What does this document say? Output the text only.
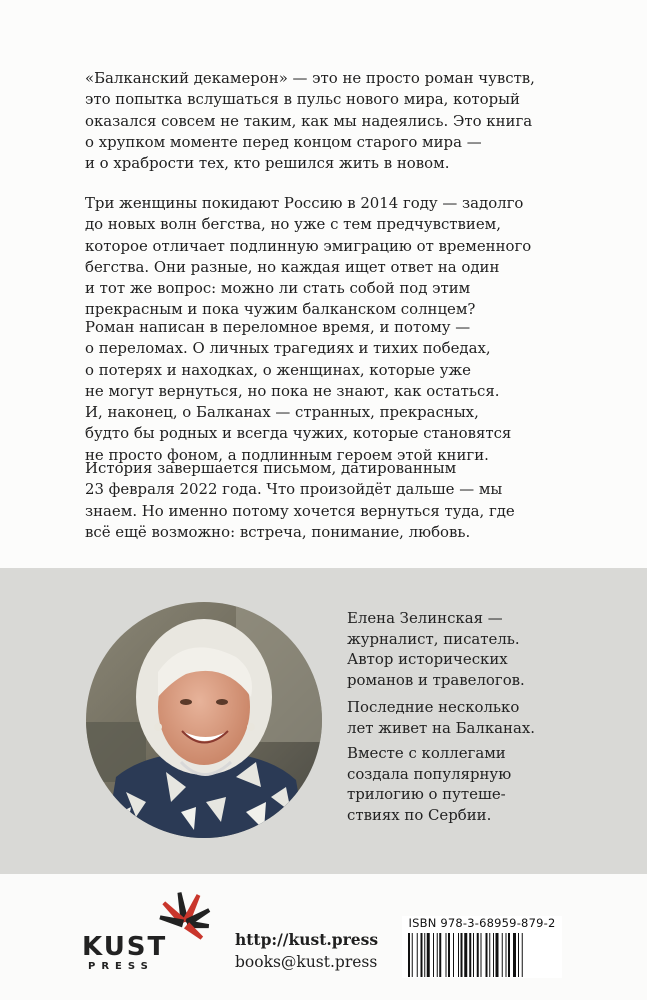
«Балканский декамерон» — это не просто роман чувств,
это попытка вслушаться в пульс нового мира, который
оказался совсем не таким, как мы надеялись. Это книга
о хрупком моменте перед концом старого мира —
и о храбрости тех, кто решился жить в новом.

Три женщины покидают Россию в 2014 году — задолго
до новых волн бегства, но уже с тем предчувствием,
которое отличает подлинную эмиграцию от временного
бегства. Они разные, но каждая ищет ответ на один
и тот же вопрос: можно ли стать собой под этим
прекрасным и пока чужим балканском солнцем?

Роман написан в переломное время, и потому —
о переломах. О личных трагедиях и тихих победах,
о потерях и находках, о женщинах, которые уже
не могут вернуться, но пока не знают, как остаться.
И, наконец, о Балканах — странных, прекрасных,
будто бы родных и всегда чужих, которые становятся
не просто фоном, а подлинным героем этой книги.

История завершается письмом, датированным
23 февраля 2022 года. Что произойдёт дальше — мы
знаем. Но именно потому хочется вернуться туда, где
всё ещё возможно: встреча, понимание, любовь.

Елена Зелинская —
журналист, писатель.
Автор исторических
романов и травелогов.

Последние несколько
лет живет на Балканах.

Вместе с коллегами
создала популярную
трилогию о путеше-
ствиях по Сербии.

KUST
PRESS
http://kust.press
books@kust.press
ISBN 978-3-68959-879-2
